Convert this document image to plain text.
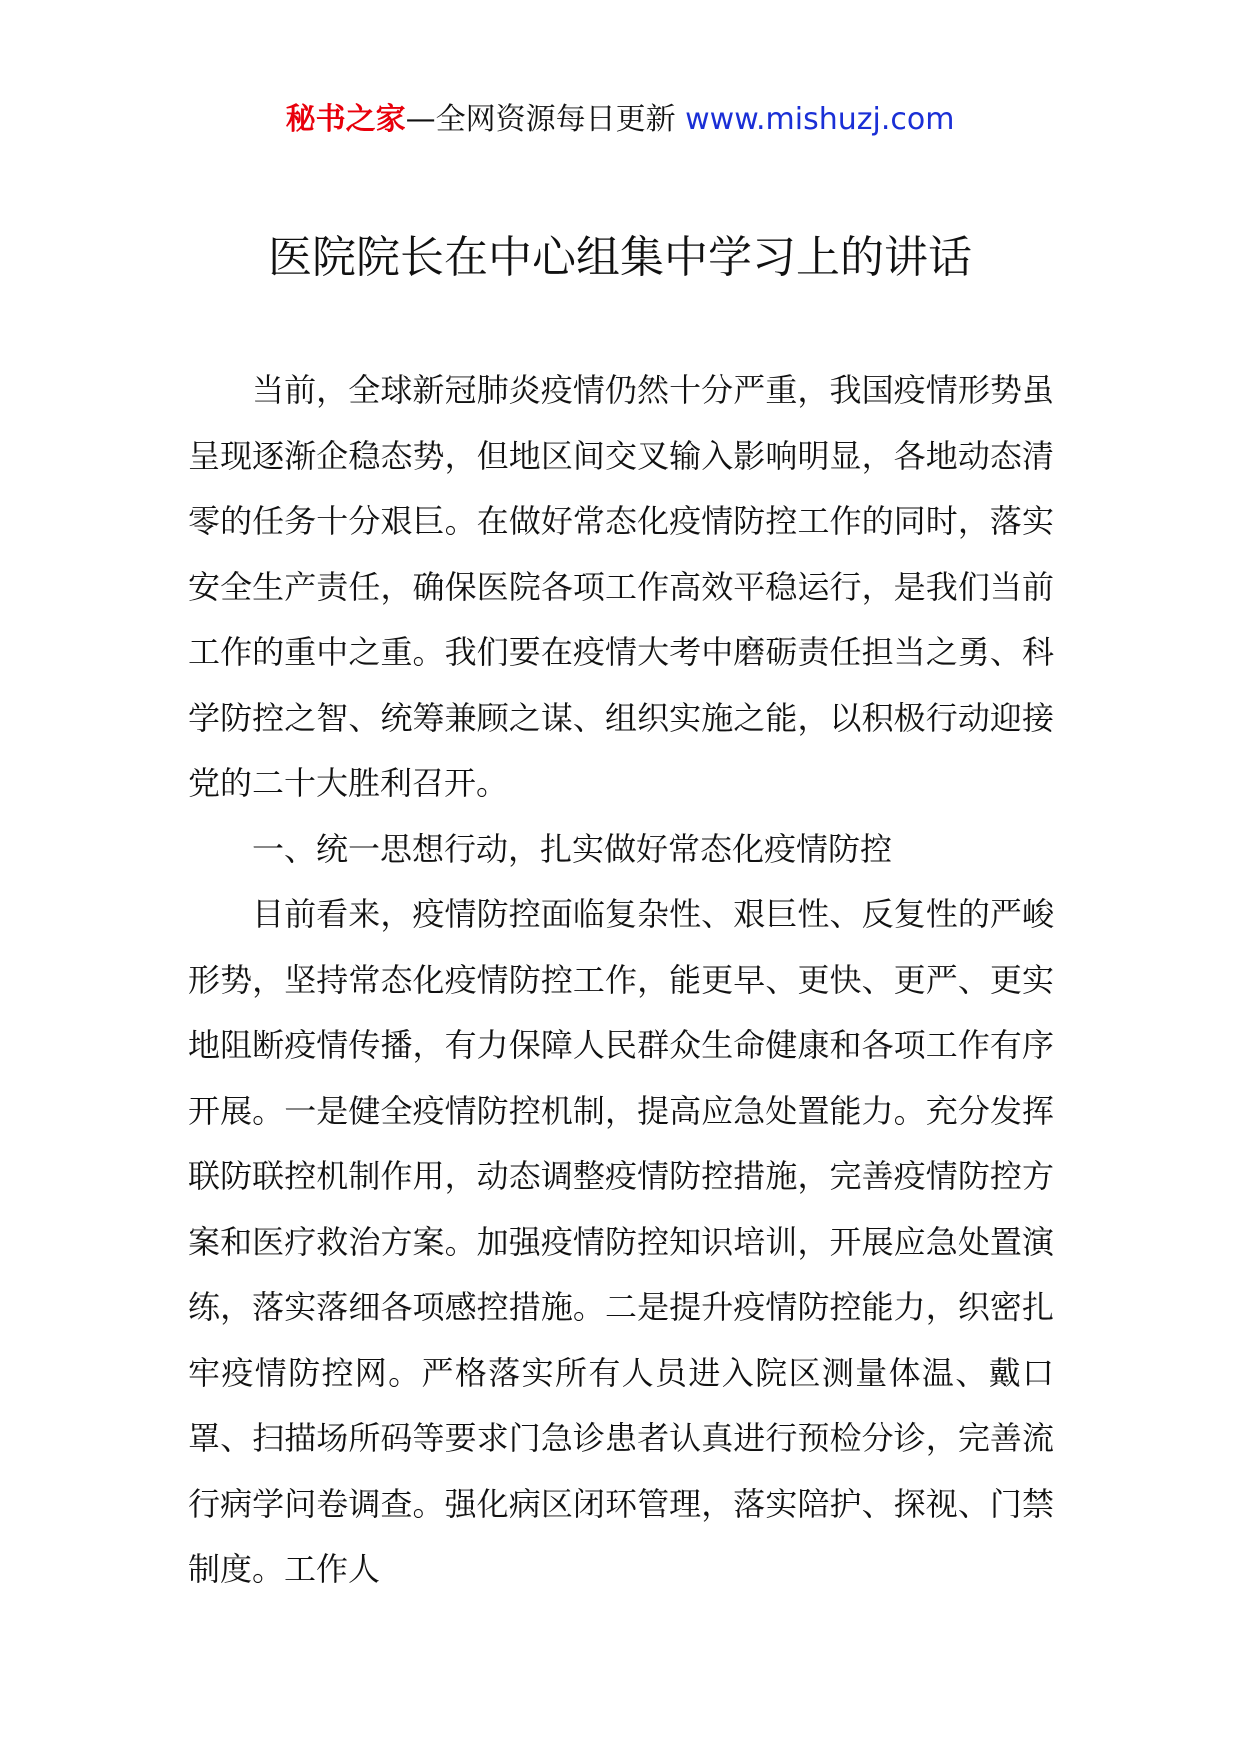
秘书之家—全网资源每日更新 www.mishuzj.com
医院院长在中心组集中学习上的讲话

当前，全球新冠肺炎疫情仍然十分严重，我国疫情形势虽呈现逐渐企稳态势，但地区间交叉输入影响明显，各地动态清零的任务十分艰巨。在做好常态化疫情防控工作的同时，落实安全生产责任，确保医院各项工作高效平稳运行，是我们当前工作的重中之重。我们要在疫情大考中磨砺责任担当之勇、科学防控之智、统筹兼顾之谋、组织实施之能，以积极行动迎接党的二十大胜利召开。

一、统一思想行动，扎实做好常态化疫情防控

目前看来，疫情防控面临复杂性、艰巨性、反复性的严峻形势，坚持常态化疫情防控工作，能更早、更快、更严、更实地阻断疫情传播，有力保障人民群众生命健康和各项工作有序开展。一是健全疫情防控机制，提高应急处置能力。充分发挥联防联控机制作用，动态调整疫情防控措施，完善疫情防控方案和医疗救治方案。加强疫情防控知识培训，开展应急处置演练，落实落细各项感控措施。二是提升疫情防控能力，织密扎牢疫情防控网。严格落实所有人员进入院区测量体温、戴口罩、扫描场所码等要求门急诊患者认真进行预检分诊，完善流行病学问卷调查。强化病区闭环管理，落实陪护、探视、门禁制度。工作人
